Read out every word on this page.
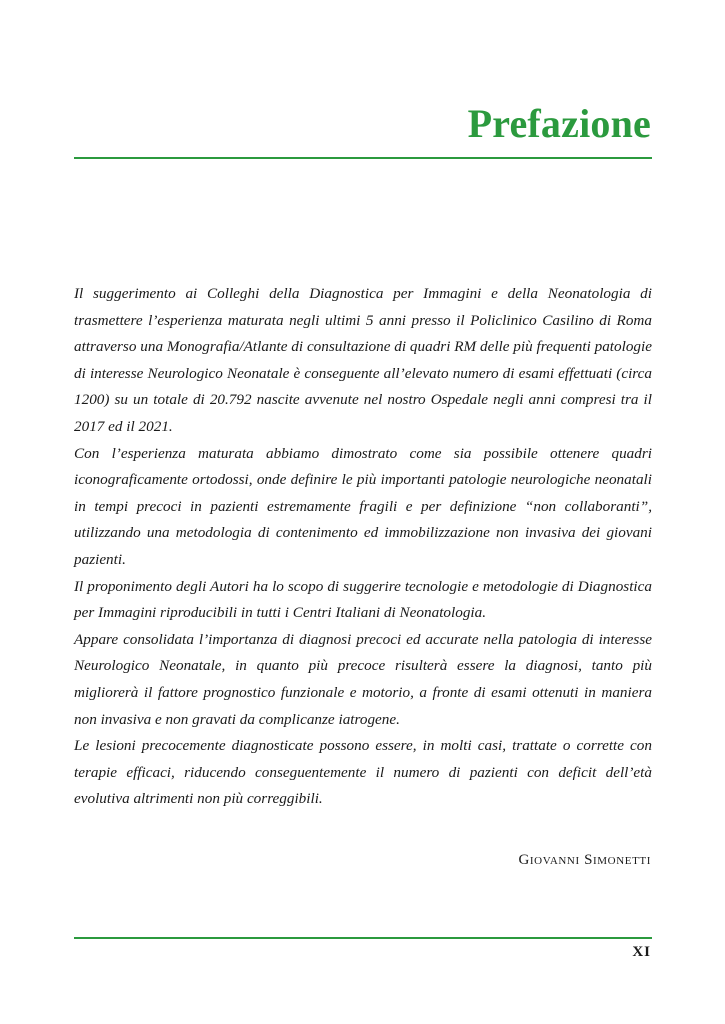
Prefazione

Il suggerimento ai Colleghi della Diagnostica per Immagini e della Neonatologia di trasmettere l’esperienza maturata negli ultimi 5 anni presso il Policlinico Casilino di Roma attraverso una Monografia/Atlante di consultazione di quadri RM delle più frequenti patologie di interesse Neurologico Neonatale è conseguente all’elevato numero di esami effettuati (circa 1200) su un totale di 20.792 nascite avvenute nel nostro Ospedale negli anni compresi tra il 2017 ed il 2021.

Con l’esperienza maturata abbiamo dimostrato come sia possibile ottenere quadri iconograficamente ortodossi, onde definire le più importanti patologie neurologiche neonatali in tempi precoci in pazienti estremamente fragili e per definizione “non collaboranti”, utilizzando una metodologia di contenimento ed immobilizzazione non invasiva dei giovani pazienti.

Il proponimento degli Autori ha lo scopo di suggerire tecnologie e metodologie di Diagnostica per Immagini riproducibili in tutti i Centri Italiani di Neonatologia.

Appare consolidata l’importanza di diagnosi precoci ed accurate nella patologia di interesse Neurologico Neonatale, in quanto più precoce risulterà essere la diagnosi, tanto più migliorerà il fattore prognostico funzionale e motorio, a fronte di esami ottenuti in maniera non invasiva e non gravati da complicanze iatrogene.

Le lesioni precocemente diagnosticate possono essere, in molti casi, trattate o corrette con terapie efficaci, riducendo conseguentemente il numero di pazienti con deficit dell’età evolutiva altrimenti non più correggibili.

Giovanni Simonetti

XI
